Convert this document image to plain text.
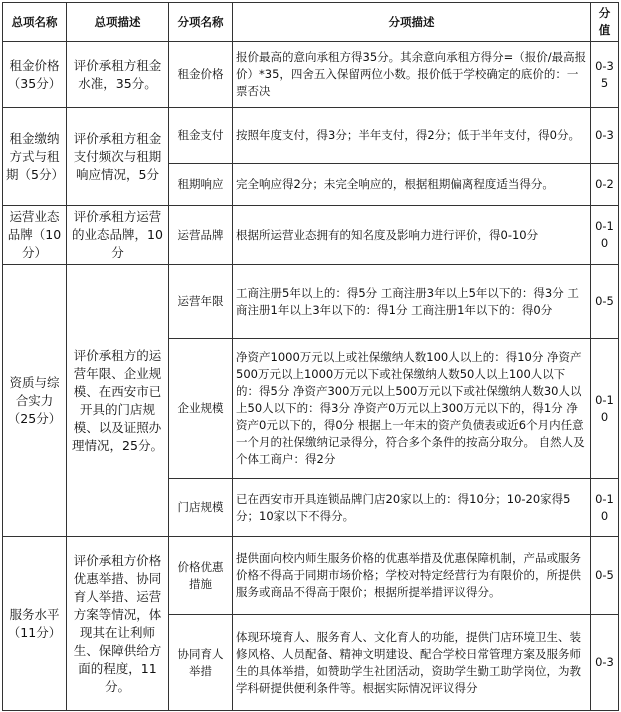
总项名称	总项描述	分项名称	分项描述	分值
租金价格（35分）	评价承租方租金水准，35分。	租金价格	报价最高的意向承租方得35分。其余意向承租方得分=（报价/最高报价）*35，四舍五入保留两位小数。报价低于学校确定的底价的：一票否决	0-35
租金缴纳方式与租期（5分）	评价承租方租金支付频次与租期响应情况，5分	租金支付	按照年度支付，得3分；半年支付，得2分；低于半年支付，得0分。	0-3
		租期响应	完全响应得2分；未完全响应的，根据租期偏离程度适当得分。	0-2
运营业态品牌（10分）	评价承租方运营的业态品牌，10分	运营品牌	根据所运营业态拥有的知名度及影响力进行评价，得0-10分	0-10
资质与综合实力（25分）	评价承租方的运营年限、企业规模、在西安市已开具的门店规模、以及证照办理情况，25分。	运营年限	工商注册5年以上的：得5分 工商注册3年以上5年以下的：得3分 工商注册1年以上3年以下的：得1分 工商注册1年以下的：得0分	0-5
		企业规模	净资产1000万元以上或社保缴纳人数100人以上的：得10分 净资产500万元以上1000万元以下或社保缴纳人数50人以上100人以下的：得5分 净资产300万元以上500万元以下或社保缴纳人数30人以上50人以下的：得3分 净资产0万元以上300万元以下的，得1分 净资产0元以下的，得0分 根据上一年末的资产负债表或近6个月内任意一个月的社保缴纳记录得分，符合多个条件的按高分取分。 自然人及个体工商户：得2分	0-10
		门店规模	已在西安市开具连锁品牌门店20家以上的：得10分；10-20家得5分；10家以下不得分。	0-10
服务水平（11分）	评价承租方价格优惠举措、协同育人举措、运营方案等情况，体现其在让利师生、保障供给方面的程度，11分。	价格优惠措施	提供面向校内师生服务价格的优惠举措及优惠保障机制，产品或服务价格不得高于同期市场价格；学校对特定经营行为有限价的，所提供服务或商品不得高于限价；根据所提举措评议得分。	0-5
		协同育人举措	体现环境育人、服务育人、文化育人的功能，提供门店环境卫生、装修风格、人员配备、精神文明建设、配合学校日常管理方案及服务师生的具体举措，如赞助学生社团活动，资助学生勤工助学岗位，为教学科研提供便利条件等。根据实际情况评议得分	0-3
